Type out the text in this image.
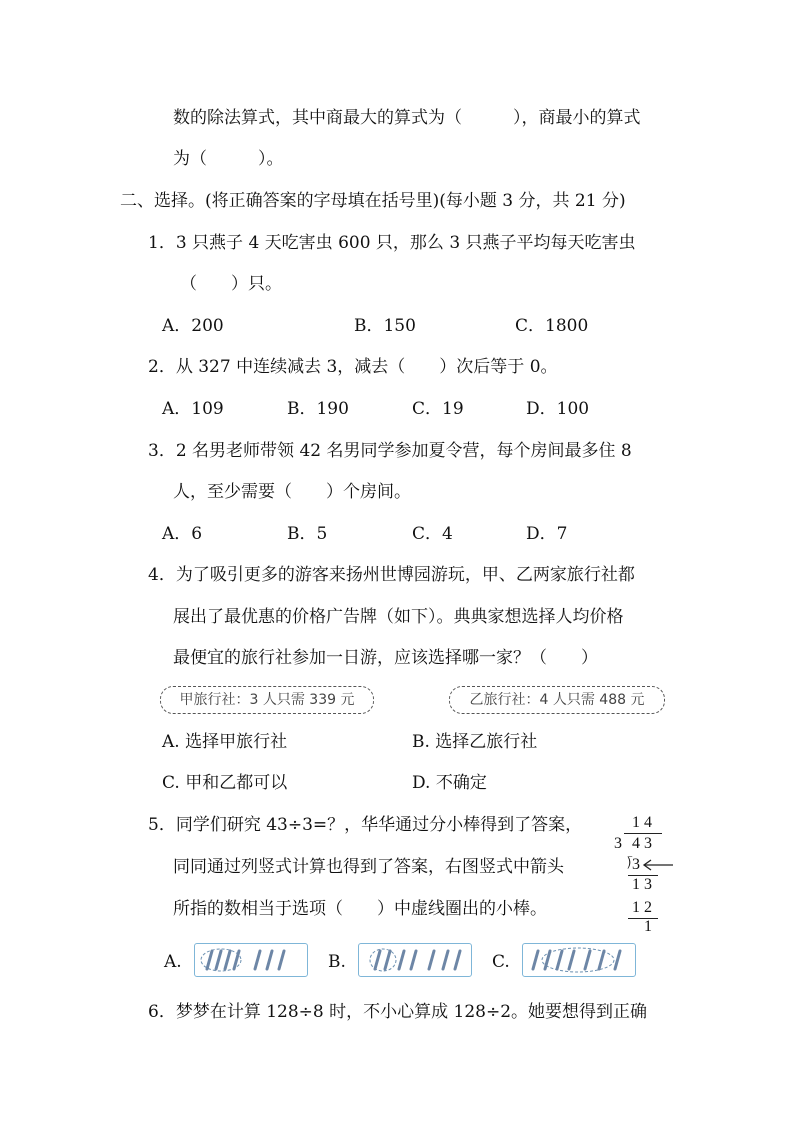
数的除法算式，其中商最大的算式为（　　　），商最小的算式
为（　　　）。
二、选择。(将正确答案的字母填在括号里)(每小题 3 分，共 21 分)
1．3 只燕子 4 天吃害虫 600 只，那么 3 只燕子平均每天吃害虫
（　　）只。
A．200	B．150	C．1800
2．从 327 中连续减去 3，减去（　　）次后等于 0。
A．109	B．190	C．19	D．100
3．2 名男老师带领 42 名男同学参加夏令营，每个房间最多住 8
人，至少需要（　　）个房间。
A．6	B．5	C．4	D．7
4．为了吸引更多的游客来扬州世博园游玩，甲、乙两家旅行社都
展出了最优惠的价格广告牌（如下）。典典家想选择人均价格
最便宜的旅行社参加一日游，应该选择哪一家？（　　）
甲旅行社：3 人只需 339 元	乙旅行社：4 人只需 488 元
A. 选择甲旅行社	B. 选择乙旅行社
C. 甲和乙都可以	D. 不确定
5．同学们研究 43÷3=？，华华通过分小棒得到了答案，
同同通过列竖式计算也得到了答案，右图竖式中箭头
所指的数相当于选项（　　）中虚线圈出的小棒。
1 4
3 4 3
⟌ 3
1 3
1 2
1
A.	B.	C.
6．梦梦在计算 128÷8 时，不小心算成 128÷2。她要想得到正确
